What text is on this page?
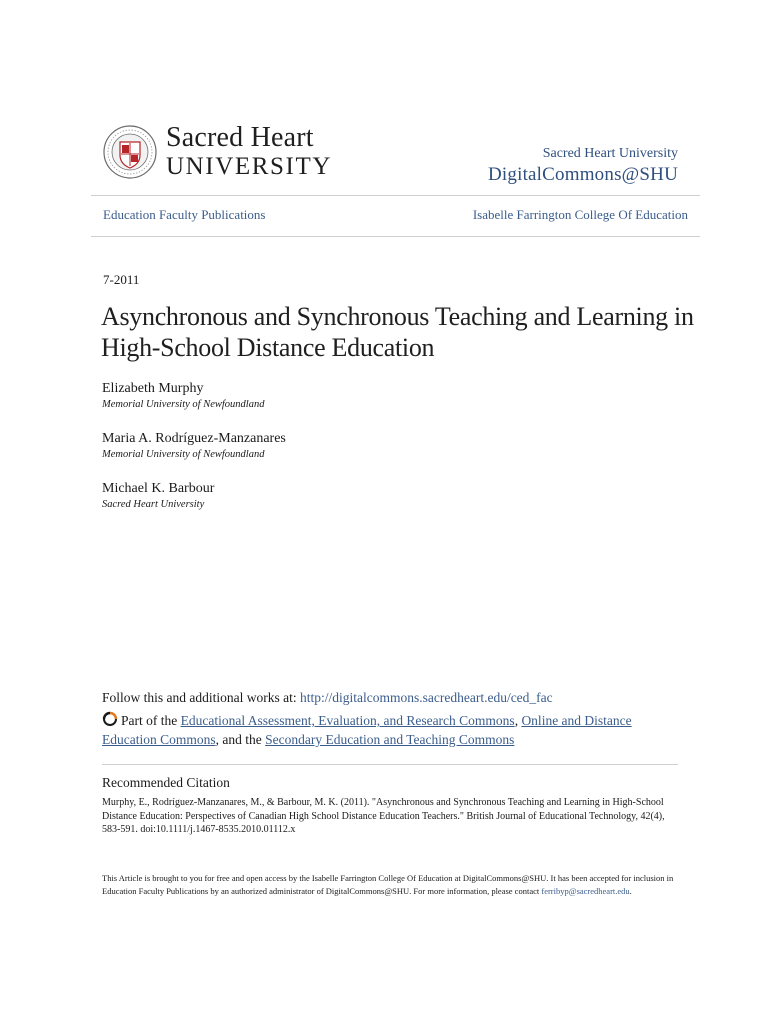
Sacred Heart
UNIVERSITY	Sacred Heart University
DigitalCommons@SHU
Education Faculty Publications	Isabelle Farrington College Of Education
7-2011
Asynchronous and Synchronous Teaching and Learning in High-School Distance Education
Elizabeth Murphy
Memorial University of Newfoundland
Maria A. Rodríguez-Manzanares
Memorial University of Newfoundland
Michael K. Barbour
Sacred Heart University
Follow this and additional works at: http://digitalcommons.sacredheart.edu/ced_fac
Part of the Educational Assessment, Evaluation, and Research Commons, Online and Distance Education Commons, and the Secondary Education and Teaching Commons
Recommended Citation
Murphy, E., Rodríguez-Manzanares, M., & Barbour, M. K. (2011). "Asynchronous and Synchronous Teaching and Learning in High-School Distance Education: Perspectives of Canadian High School Distance Education Teachers." British Journal of Educational Technology, 42(4), 583-591. doi:10.1111/j.1467-8535.2010.01112.x
This Article is brought to you for free and open access by the Isabelle Farrington College Of Education at DigitalCommons@SHU. It has been accepted for inclusion in Education Faculty Publications by an authorized administrator of DigitalCommons@SHU. For more information, please contact ferribyp@sacredheart.edu.
